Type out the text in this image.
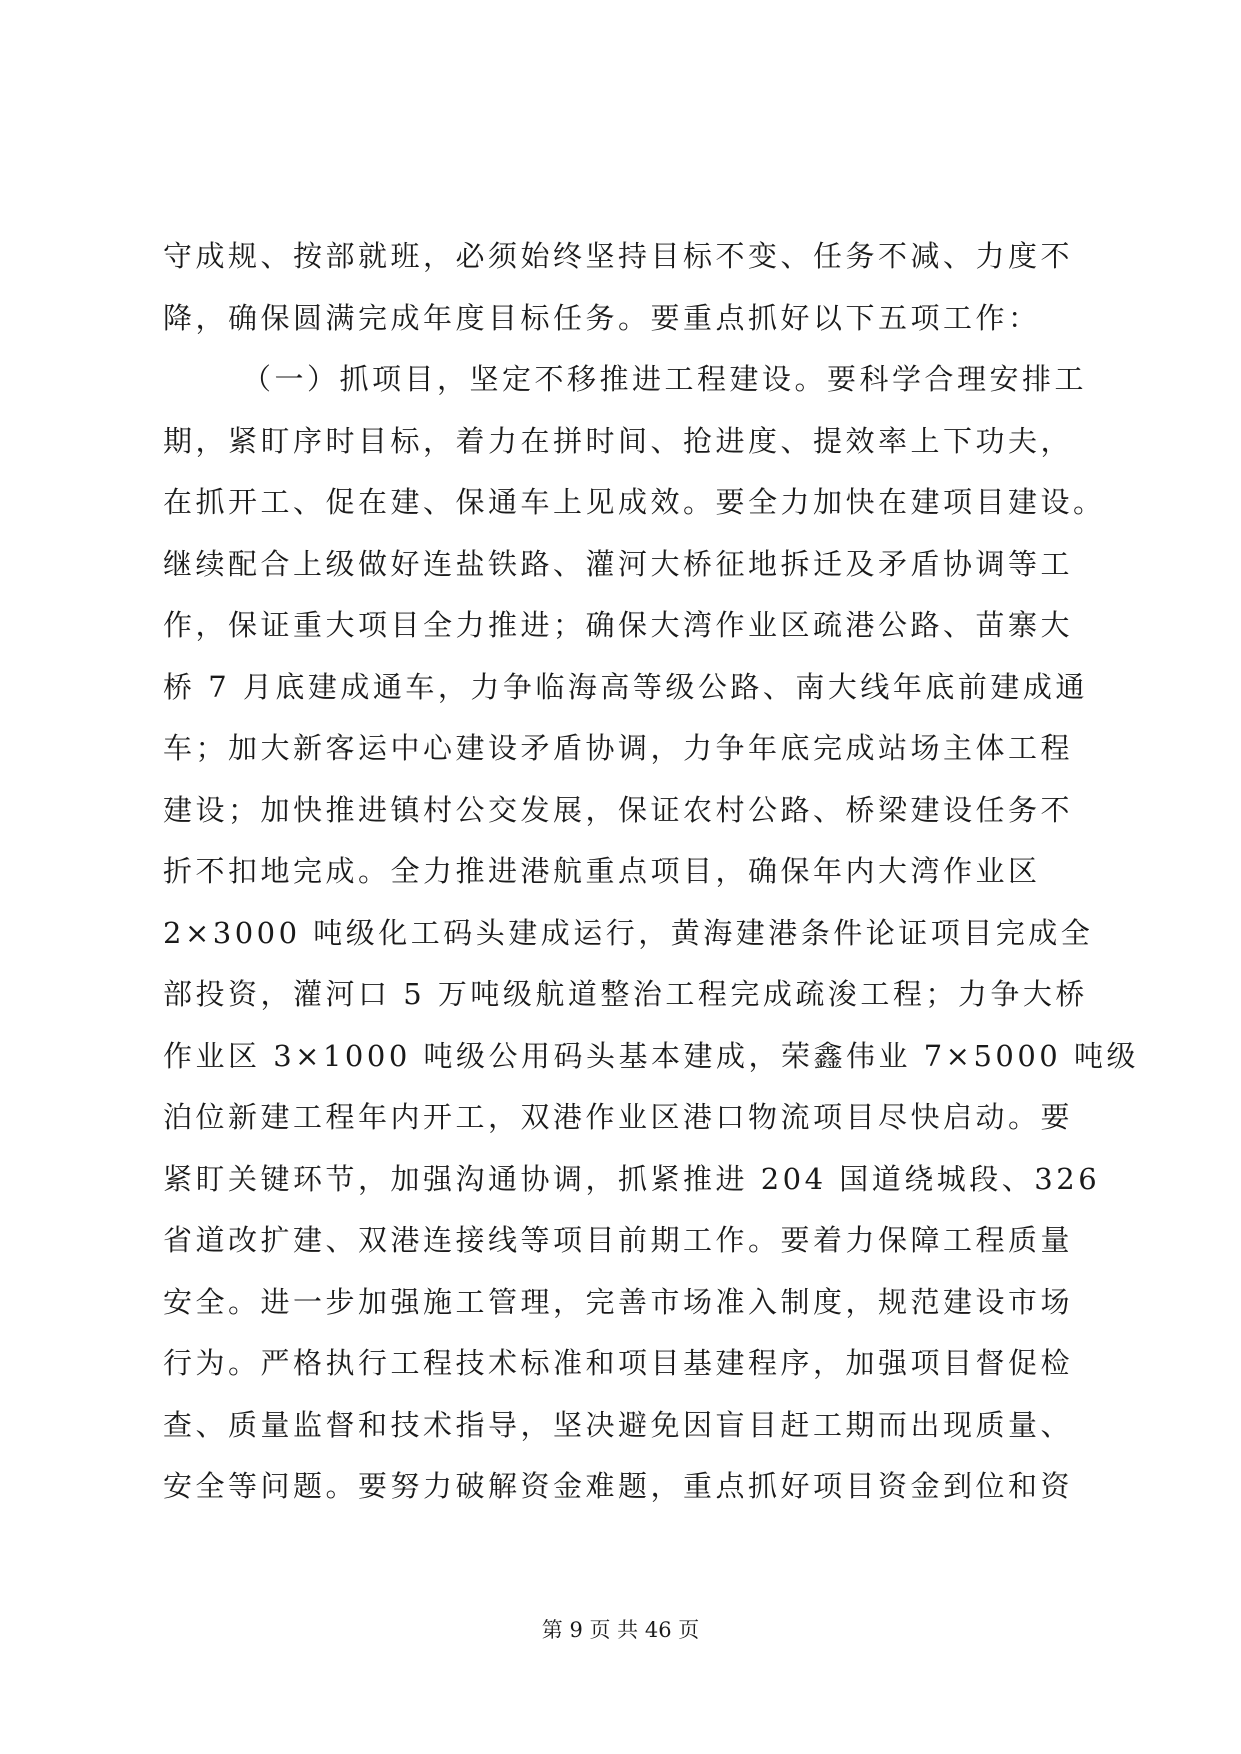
守成规、按部就班，必须始终坚持目标不变、任务不减、力度不
降，确保圆满完成年度目标任务。要重点抓好以下五项工作：
（一）抓项目，坚定不移推进工程建设。要科学合理安排工
期，紧盯序时目标，着力在拼时间、抢进度、提效率上下功夫，
在抓开工、促在建、保通车上见成效。要全力加快在建项目建设。
继续配合上级做好连盐铁路、灌河大桥征地拆迁及矛盾协调等工
作，保证重大项目全力推进；确保大湾作业区疏港公路、苗寨大
桥 7 月底建成通车，力争临海高等级公路、南大线年底前建成通
车；加大新客运中心建设矛盾协调，力争年底完成站场主体工程
建设；加快推进镇村公交发展，保证农村公路、桥梁建设任务不
折不扣地完成。全力推进港航重点项目，确保年内大湾作业区
2×3000 吨级化工码头建成运行，黄海建港条件论证项目完成全
部投资，灌河口 5 万吨级航道整治工程完成疏浚工程；力争大桥
作业区 3×1000 吨级公用码头基本建成，荣鑫伟业 7×5000 吨级
泊位新建工程年内开工，双港作业区港口物流项目尽快启动。要
紧盯关键环节，加强沟通协调，抓紧推进 204 国道绕城段、326
省道改扩建、双港连接线等项目前期工作。要着力保障工程质量
安全。进一步加强施工管理，完善市场准入制度，规范建设市场
行为。严格执行工程技术标准和项目基建程序，加强项目督促检
查、质量监督和技术指导，坚决避免因盲目赶工期而出现质量、
安全等问题。要努力破解资金难题，重点抓好项目资金到位和资
第 9 页 共 46 页
